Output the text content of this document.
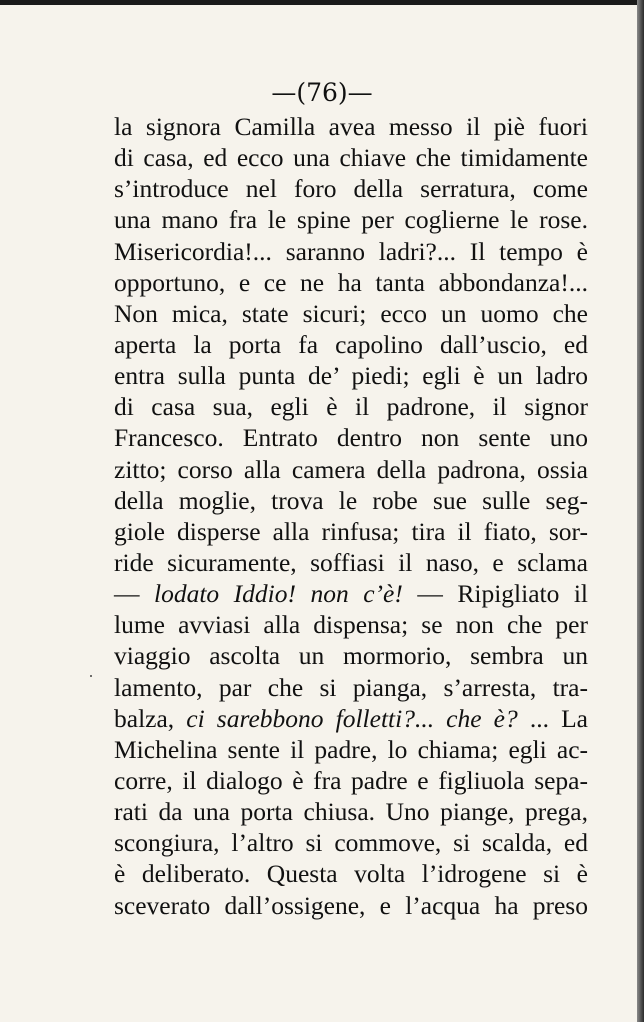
—(76)—

la signora Camilla avea messo il piè fuori

di casa, ed ecco una chiave che timidamente

s’introduce nel foro della serratura, come

una mano fra le spine per coglierne le rose.

Misericordia!... saranno ladri?... Il tempo è

opportuno, e ce ne ha tanta abbondanza!...

Non mica, state sicuri; ecco un uomo che

aperta la porta fa capolino dall’uscio, ed

entra sulla punta de’ piedi; egli è un ladro

di casa sua, egli è il padrone, il signor

Francesco. Entrato dentro non sente uno

zitto; corso alla camera della padrona, ossia

della moglie, trova le robe sue sulle seg-

giole disperse alla rinfusa; tira il fiato, sor-

ride sicuramente, soffiasi il naso, e sclama

— lodato Iddio! non c’è! — Ripigliato il

lume avviasi alla dispensa; se non che per

viaggio ascolta un mormorio, sembra un

lamento, par che si pianga, s’arresta, tra-

balza, ci sarebbono folletti?... che è? ... La

Michelina sente il padre, lo chiama; egli ac-

corre, il dialogo è fra padre e figliuola sepa-

rati da una porta chiusa. Uno piange, prega,

scongiura, l’altro si commove, si scalda, ed

è deliberato. Questa volta l’idrogene si è

sceverato dall’ossigene, e l’acqua ha preso
